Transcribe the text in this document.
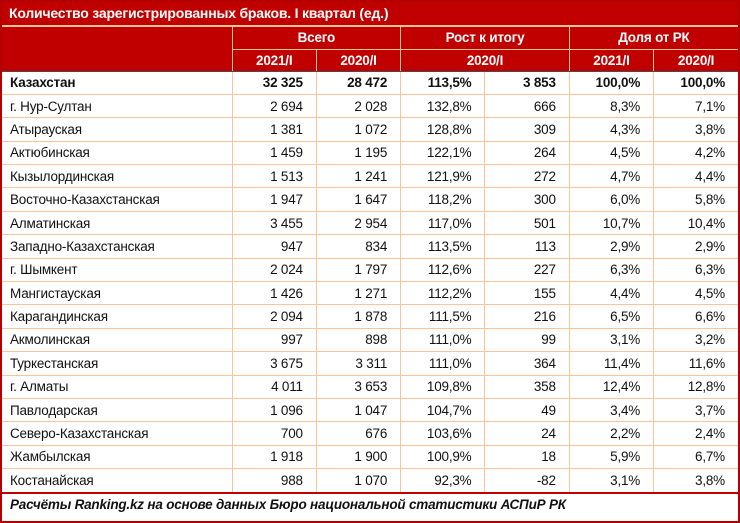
Количество зарегистрированных браков. I квартал (ед.)
	Всего		Рост к итогу		Доля от РК	
	2021/I	2020/I	2020/I		2021/I	2020/I
Казахстан	32 325	28 472	113,5%	3 853	100,0%	100,0%
г. Нур-Султан	2 694	2 028	132,8%	666	8,3%	7,1%
Атырауская	1 381	1 072	128,8%	309	4,3%	3,8%
Актюбинская	1 459	1 195	122,1%	264	4,5%	4,2%
Кызылординская	1 513	1 241	121,9%	272	4,7%	4,4%
Восточно-Казахстанская	1 947	1 647	118,2%	300	6,0%	5,8%
Алматинская	3 455	2 954	117,0%	501	10,7%	10,4%
Западно-Казахстанская	947	834	113,5%	113	2,9%	2,9%
г. Шымкент	2 024	1 797	112,6%	227	6,3%	6,3%
Мангистауская	1 426	1 271	112,2%	155	4,4%	4,5%
Карагандинская	2 094	1 878	111,5%	216	6,5%	6,6%
Акмолинская	997	898	111,0%	99	3,1%	3,2%
Туркестанская	3 675	3 311	111,0%	364	11,4%	11,6%
г. Алматы	4 011	3 653	109,8%	358	12,4%	12,8%
Павлодарская	1 096	1 047	104,7%	49	3,4%	3,7%
Северо-Казахстанская	700	676	103,6%	24	2,2%	2,4%
Жамбылская	1 918	1 900	100,9%	18	5,9%	6,7%
Костанайская	988	1 070	92,3%	-82	3,1%	3,8%
Расчёты Ranking.kz на основе данных Бюро национальной статистики АСПиР РК
